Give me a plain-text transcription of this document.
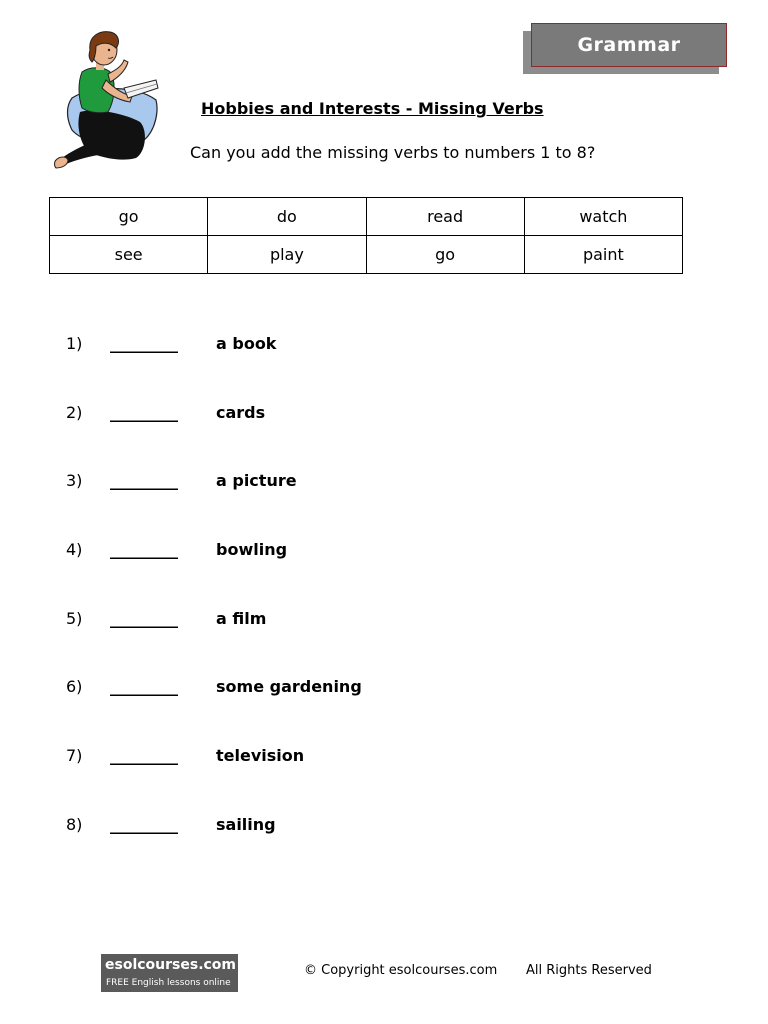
Grammar
Hobbies and Interests - Missing Verbs
Can you add the missing verbs to numbers 1 to 8?
go	do	read	watch
see	play	go	paint
1)	_________	a book
2)	_________	cards
3)	_________	a picture
4)	_________	bowling
5)	_________	a film
6)	_________	some gardening
7)	_________	television
8)	_________	sailing
esolcourses.com
FREE English lessons online
© Copyright esolcourses.com All Rights Reserved
